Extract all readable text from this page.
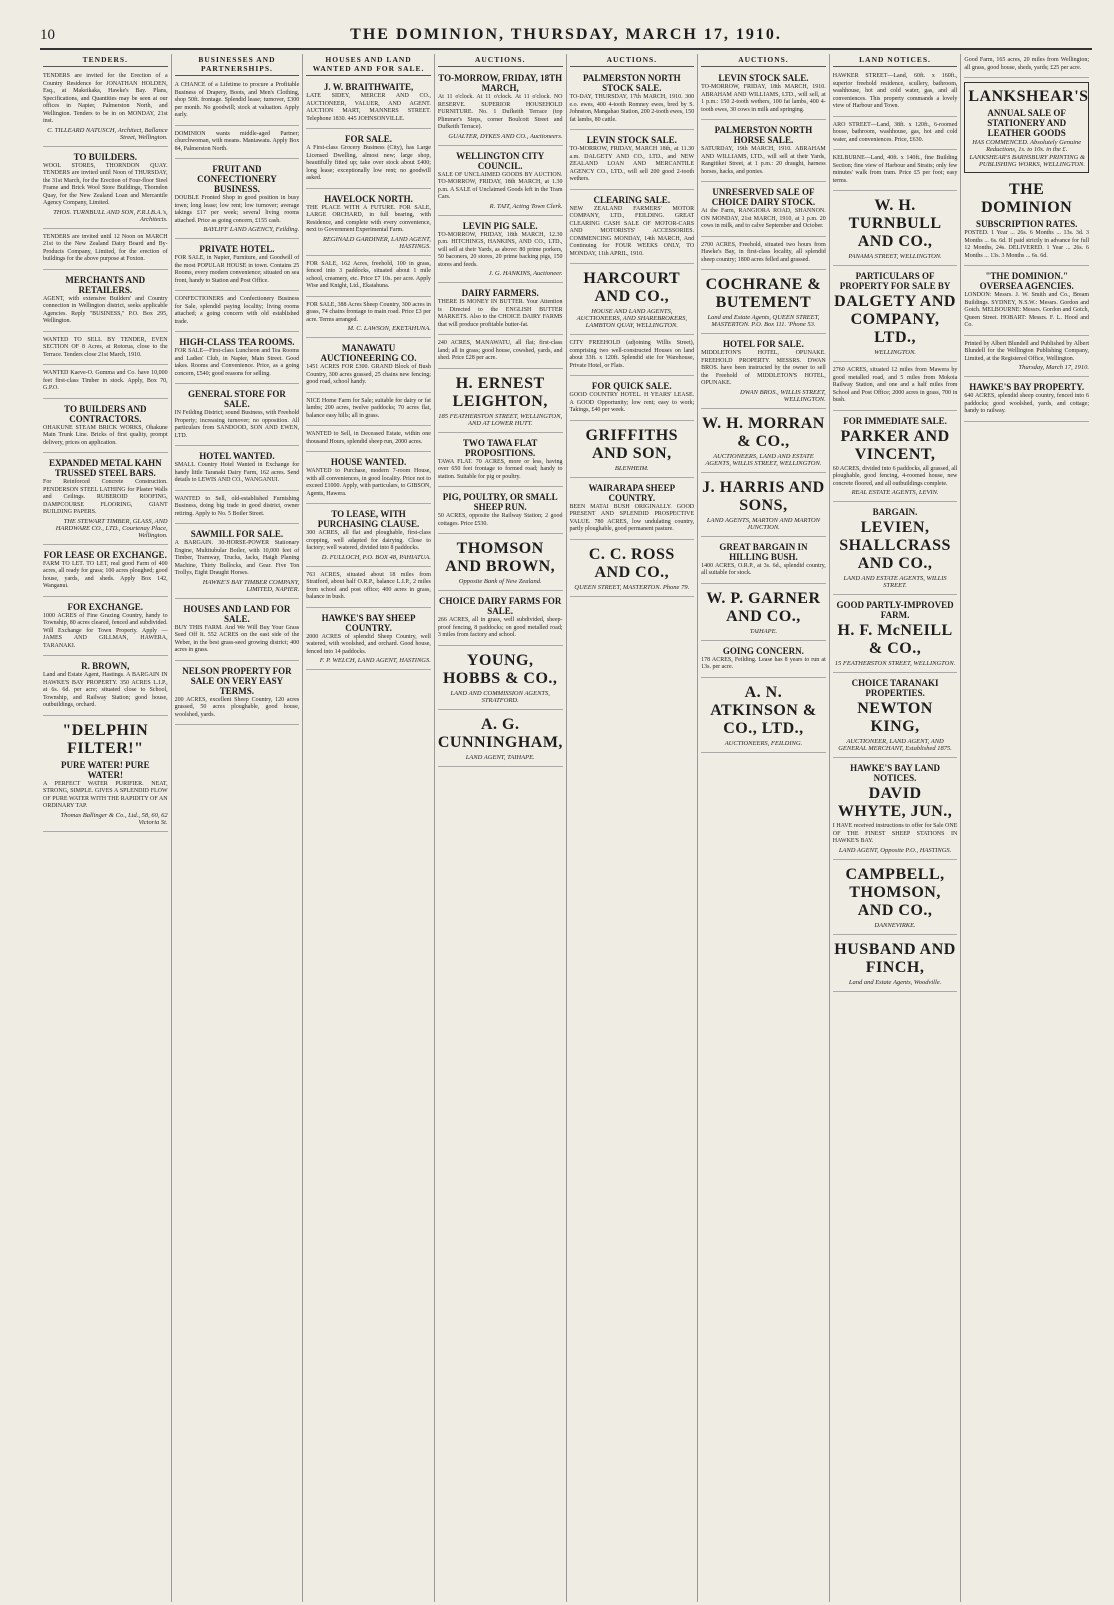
10	THE DOMINION, THURSDAY, MARCH 17, 1910.
TENDERS.
TENDERS are invited for the Erection of a Country Residence for JONATHAN HOLDEN, Esq., at Makeikaka, Hawke's Bay. Plans, Specifications, and Quantities may be seen at our offices in Napier, Palmerston North, and Wellington. Tenders to be in on MONDAY, 21st inst.
C. TILLEARD NATUSCH, Architect, Ballance Street, Wellington.
TO BUILDERS.
WOOL STORES, THORNDON QUAY. TENDERS are invited until Noon of THURSDAY, the 31st March, for the Erection of Four-floor Steel Frame and Brick Wool Store Buildings, Thorndon Quay, for the New Zealand Loan and Mercantile Agency Company, Limited.
THOS. TURNBULL AND SON, F.R.I.B.A.'s, Architects.
TENDERS are invited until 12 Noon on MARCH 21st to the New Zealand Dairy Board and By-Products Company, Limited, for the erection of buildings for the above purpose at Foxton.
MERCHANTS AND RETAILERS.
AGENT, with extensive Builders' and Country connection in Wellington district, seeks applicable Agencies. Reply "BUSINESS," P.O. Box 295, Wellington.
WANTED TO SELL BY TENDER, EVEN SECTION OF 8 Acres, at Rotorua, close to the Terrace. Tenders close 21st March, 1910.
WANTED Kaeve-O. Gumma and Co. have 10,000 feet first-class Timber in stock. Apply, Box 70, G.P.O.
TO BUILDERS AND CONTRACTORS.
OHAKUNE STEAM BRICK WORKS, Ohakune Main Trunk Line. Bricks of first quality, prompt delivery, prices on application.
EXPANDED METAL KAHN TRUSSED STEEL BARS.
For Reinforced Concrete Construction. PENDERSON STEEL LATHING for Plaster Walls and Ceilings. RUBEROID ROOFING, DAMPCOURSE FLOORING, GIANT BUILDING PAPERS.
THE STEWART TIMBER, GLASS, AND HARDWARE CO., LTD., Courtenay Place, Wellington.
FOR LEASE OR EXCHANGE.
FARM TO LET. TO LET, real good Farm of 400 acres, all ready for grass; 100 acres ploughed; good house, yards, and sheds. Apply Box 142, Wanganui.
FOR EXCHANGE.
1000 ACRES of Fine Grazing Country, handy to Township, 80 acres cleared, fenced and subdivided. Will Exchange for Town Property. Apply — JAMES AND GILLMAN, HAWERA, TARANAKI.
R. BROWN,
Land and Estate Agent, Hastings. A BARGAIN IN HAWKE'S BAY PROPERTY. 350 ACRES L.I.P., at 6s. 6d. per acre; situated close to School, Township, and Railway Station; good house, outbuildings, orchard.
"DELPHIN FILTER!"
PURE WATER! PURE WATER!
A PERFECT WATER PURIFIER. NEAT, STRONG, SIMPLE. GIVES A SPLENDID FLOW OF PURE WATER WITH THE RAPIDITY OF AN ORDINARY TAP.
Thomas Ballinger & Co., Ltd., 58, 60, 62 Victoria St.
BUSINESSES AND PARTNERSHIPS.
A CHANCE of a Lifetime to procure a Profitable Business of Drapery, Boots, and Men's Clothing, shop 50ft. frontage. Splendid lease; turnover, £300 per month. No goodwill; stock at valuation. Apply early.
DOMINION wants middle-aged Partner; churchwoman, with means. Maniawatu. Apply Box 84, Palmerston North.
FRUIT AND CONFECTIONERY BUSINESS.
DOUBLE Fronted Shop in good position in busy town; long lease; low rent; low turnover; average takings £17 per week; several living rooms attached. Price as going concern, £155 cash.
BAYLIFF LAND AGENCY, Feilding.
PRIVATE HOTEL.
FOR SALE, in Napier, Furniture, and Goodwill of the most POPULAR HOUSE in town. Contains 25 Rooms, every modern convenience; situated on sea front, handy to Station and Post Office.
CONFECTIONERS and Confectionery Business for Sale, splendid paying locality; living rooms attached; a going concern with old established trade.
HIGH-CLASS TEA ROOMS.
FOR SALE—First-class Luncheon and Tea Rooms and Ladies' Club, in Napier, Main Street. Good takes. Rooms and Convenience. Price, as a going concern, £540; good reasons for selling.
GENERAL STORE FOR SALE.
IN Feilding District; sound Business, with Freehold Property; increasing turnover; no opposition. All particulars from SANDOOD, SON AND EWEN, LTD.
HOTEL WANTED.
SMALL Country Hotel Wanted in Exchange for handy little Taranaki Dairy Farm, 162 acres. Send details to LEWIS AND CO., WANGANUI.
WANTED to Sell, old-established Furnishing Business, doing big trade in good district, owner retiring. Apply to No. 5 Boiler Street.
SAWMILL FOR SALE.
A BARGAIN. 30-HORSE-POWER Stationary Engine, Multitubular Boiler, with 10,000 feet of Timber, Tramway, Trucks, Jacks, Haigh Planing Machine, Thirty Bullocks, and Gear. Five Ton Trollys, Eight Draught Horses.
HAWKE'S BAY TIMBER COMPANY, LIMITED, NAPIER.
HOUSES AND LAND FOR SALE.
BUY THIS FARM. And We Will Buy Your Grass Seed Off It. 552 ACRES on the east side of the Weber, in the best grass-seed growing district; 400 acres in grass.
NELSON PROPERTY FOR SALE ON VERY EASY TERMS.
200 ACRES, excellent Sheep Country, 120 acres grassed, 50 acres ploughable, good house, woolshed, yards.
HOUSES AND LAND WANTED AND FOR SALE.
J. W. BRAITHWAITE,
LATE SIDEY, MERCER AND CO., AUCTIONEER, VALUER, AND AGENT. AUCTION MART, MANNERS STREET. Telephone 1830. 445 JOHNSONVILLE.
FOR SALE.
A First-class Grocery Business (City), has Large Licensed Dwelling, almost new; large shop, beautifully fitted up; take over stock about £400; long lease; exceptionally low rent; no goodwill asked.
HAVELOCK NORTH.
THE PLACE WITH A FUTURE. FOR SALE, LARGE ORCHARD, in full bearing, with Residence, and complete with every convenience, next to Government Experimental Farm.
REGINALD GARDINER, LAND AGENT, HASTINGS.
FOR SALE, 162 Acres, freehold, 100 in grass, fenced into 3 paddocks, situated about 1 mile school, creamery, etc. Price £7 10s. per acre. Apply Wise and Knight, Ltd., Ekatahuna.
FOR SALE, 388 Acres Sheep Country, 300 acres in grass, 74 chains frontage to main road. Price £3 per acre. Terms arranged.
M. C. LAWSON, EKETAHUNA.
MANAWATU AUCTIONEERING CO.
1451 ACRES FOR £300. GRAND Block of Bush Country, 300 acres grassed, 25 chains new fencing; good road, school handy.
NICE Home Farm for Sale; suitable for dairy or fat lambs; 200 acres, twelve paddocks; 70 acres flat, balance easy hills; all in grass.
WANTED to Sell, in Deceased Estate, within one thousand Hours, splendid sheep run, 2000 acres.
HOUSE WANTED.
WANTED to Purchase, modern 7-room House, with all conveniences, in good locality. Price not to exceed £1000. Apply, with particulars, to GIBSON, Agents, Hawera.
TO LEASE, WITH PURCHASING CLAUSE.
300 ACRES, all flat and ploughable, first-class cropping, well adapted for dairying. Close to factory; well watered, divided into 8 paddocks.
D. FULLOCH, P.O. BOX 48, PAHIATUA.
763 ACRES, situated about 18 miles from Stratford, about half O.R.P., balance L.I.P., 2 miles from school and post office; 400 acres in grass, balance in bush.
HAWKE'S BAY SHEEP COUNTRY.
2000 ACRES of splendid Sheep Country, well watered, with woolshed, and orchard. Good house, fenced into 14 paddocks.
F. P. WELCH, LAND AGENT, HASTINGS.
AUCTIONS.
TO-MORROW, FRIDAY, 18TH MARCH,
At 11 o'clock. At 11 o'clock. At 11 o'clock. NO RESERVE. SUPERIOR HOUSEHOLD FURNITURE. No. 1 Dufkeith Terrace (top Plimmer's Steps, corner Boulcott Street and Dufkeith Terrace).
GUALTER, DYKES AND CO., Auctioneers.
WELLINGTON CITY COUNCIL.
SALE OF UNCLAIMED GOODS BY AUCTION. TO-MORROW, FRIDAY, 18th MARCH, at 1.30 p.m. A SALE of Unclaimed Goods left in the Tram Cars.
R. TAIT, Acting Town Clerk.
LEVIN PIG SALE.
TO-MORROW, FRIDAY, 18th MARCH, 12.30 p.m. HITCHINGS, HANKINS, AND CO., LTD., will sell at their Yards, as above: 80 prime porkers, 50 baconers, 20 stores, 20 prime backing pigs, 150 stores and feeds.
J. G. HANKINS, Auctioneer.
DAIRY FARMERS.
THERE IS MONEY IN BUTTER. Your Attention is Directed to the ENGLISH BUTTER MARKETS. Also to the CHOICE DAIRY FARMS that will produce profitable butter-fat.
240 ACRES, MANAWATU, all flat; first-class land; all in grass; good house, cowshed, yards, and shed. Price £28 per acre.
H. ERNEST LEIGHTON,
185 FEATHERSTON STREET, WELLINGTON, AND AT LOWER HUTT.
TWO TAWA FLAT PROPOSITIONS.
TAWA FLAT. 70 ACRES, more or less, having over 650 feet frontage to formed road; handy to station. Suitable for pig or poultry.
PIG, POULTRY, OR SMALL SHEEP RUN.
50 ACRES, opposite the Railway Station; 2 good cottages. Price £530.
THOMSON AND BROWN,
Opposite Bank of New Zealand.
CHOICE DAIRY FARMS FOR SALE.
266 ACRES, all in grass, well subdivided, sheep-proof fencing, 8 paddocks; on good metalled road; 3 miles from factory and school.
YOUNG, HOBBS & CO.,
LAND AND COMMISSION AGENTS, STRATFORD.
A. G. CUNNINGHAM,
LAND AGENT, TAIHAPE.
AUCTIONS.
PALMERSTON NORTH STOCK SALE.
TO-DAY, THURSDAY, 17th MARCH, 1910. 300 e.o. ewes, 400 4-tooth Romney ewes, bred by S. Johnston, Mangahao Station, 200 2-tooth ewes, 150 fat lambs, 80 cattle.
LEVIN STOCK SALE.
TO-MORROW, FRIDAY, MARCH 18th, at 11.30 a.m. DALGETY AND CO., LTD., and NEW ZEALAND LOAN AND MERCANTILE AGENCY CO., LTD., will sell 200 good 2-tooth wethers.
CLEARING SALE.
NEW ZEALAND FARMERS' MOTOR COMPANY, LTD., FEILDING. GREAT CLEARING CASH SALE OF MOTOR-CARS AND MOTORISTS' ACCESSORIES. COMMENCING MONDAY, 14th MARCH, And Continuing for FOUR WEEKS ONLY, TO MONDAY, 11th APRIL, 1910.
HARCOURT AND CO.,
HOUSE AND LAND AGENTS, AUCTIONEERS, AND SHAREBROKERS, LAMBTON QUAY, WELLINGTON.
CITY FREEHOLD (adjoining Willis Street), comprising two well-constructed Houses on land about 33ft. x 120ft. Splendid site for Warehouse, Private Hotel, or Flats.
FOR QUICK SALE.
GOOD COUNTRY HOTEL. H YEARS' LEASE. A GOOD Opportunity; low rent; easy to work; Takings, £40 per week.
GRIFFITHS AND SON,
BLENHEIM.
WAIRARAPA SHEEP COUNTRY.
BEEN MATAI BUSH ORIGINALLY. GOOD PRESENT AND SPLENDID PROSPECTIVE VALUE. 780 ACRES, low undulating country, partly ploughable, good permanent pasture.
C. C. ROSS AND CO.,
QUEEN STREET, MASTERTON. Phone 79.
AUCTIONS.
LEVIN STOCK SALE.
TO-MORROW, FRIDAY, 18th MARCH, 1910. ABRAHAM AND WILLIAMS, LTD., will sell, at 1 p.m.: 150 2-tooth wethers, 100 fat lambs, 400 4-tooth ewes, 30 cows in milk and springing.
PALMERSTON NORTH HORSE SALE.
SATURDAY, 19th MARCH, 1910. ABRAHAM AND WILLIAMS, LTD., will sell at their Yards, Rangitikei Street, at 1 p.m.: 20 draught, harness horses, hacks, and ponies.
UNRESERVED SALE OF CHOICE DAIRY STOCK.
At the Farm, RANGIORA ROAD, SHANNON. ON MONDAY, 21st MARCH, 1910, at 1 p.m. 20 cows in milk, and to calve September and October.
2700 ACRES, Freehold, situated two hours from Hawke's Bay, in first-class locality, all splendid sheep country; 1800 acres felled and grassed.
COCHRANE & BUTEMENT
Land and Estate Agents, QUEEN STREET, MASTERTON. P.O. Box 111. 'Phone 53.
HOTEL FOR SALE.
MIDDLETON'S HOTEL, OPUNAKE. FREEHOLD PROPERTY. MESSRS. DWAN BROS. have been instructed by the owner to sell the Freehold of MIDDLETON'S HOTEL, OPUNAKE.
DWAN BROS., WILLIS STREET, WELLINGTON.
W. H. MORRAN & CO.,
AUCTIONEERS, LAND AND ESTATE AGENTS, WILLIS STREET, WELLINGTON.
J. HARRIS AND SONS,
LAND AGENTS, MARTON AND MARTON JUNCTION.
GREAT BARGAIN IN HILLING BUSH.
1400 ACRES, O.R.P., at 3s. 6d., splendid country, all suitable for stock.
W. P. GARNER AND CO.,
TAIHAPE.
GOING CONCERN.
178 ACRES, Feilding. Lease has 8 years to run at 13s. per acre.
A. N. ATKINSON & CO., LTD.,
AUCTIONEERS, FEILDING.
LAND NOTICES.
HAWKER STREET—Land, 60ft. x 160ft., superior freehold residence, scullery, bathroom, washhouse, hot and cold water, gas, and all conveniences. This property commands a lovely view of Harbour and Town.
ARO STREET—Land, 38ft. x 120ft., 6-roomed house, bathroom, washhouse, gas, hot and cold water, and conveniences. Price, £630.
KELBURNE—Land, 40ft. x 140ft., fine Building Section; fine view of Harbour and Straits; only few minutes' walk from tram. Price £5 per foot; easy terms.
W. H. TURNBULL AND CO.,
PANAMA STREET, WELLINGTON.
PARTICULARS OF PROPERTY FOR SALE BY
DALGETY AND COMPANY, LTD.,
WELLINGTON.
2760 ACRES, situated 12 miles from Mawera by good metalled road, and 5 miles from Mokoia Railway Station, and one and a half miles from School and Post Office; 2000 acres in grass, 700 in bush.
FOR IMMEDIATE SALE.
PARKER AND VINCENT,
60 ACRES, divided into 6 paddocks, all grassed, all ploughable, good fencing, 4-roomed house, new concrete floored, and all outbuildings complete.
REAL ESTATE AGENTS, LEVIN.
BARGAIN.
LEVIEN, SHALLCRASS AND CO.,
LAND AND ESTATE AGENTS, WILLIS STREET.
GOOD PARTLY-IMPROVED FARM.
H. F. McNEILL & CO.,
15 FEATHERSTON STREET, WELLINGTON.
CHOICE TARANAKI PROPERTIES.
NEWTON KING,
AUCTIONEER, LAND AGENT, AND GENERAL MERCHANT, Established 1875.
HAWKE'S BAY LAND NOTICES.
DAVID WHYTE, JUN.,
I HAVE received instructions to offer for Sale ONE OF THE FINEST SHEEP STATIONS IN HAWKE'S BAY.
LAND AGENT, Opposite P.O., HASTINGS.
CAMPBELL, THOMSON, AND CO.,
DANNEVIRKE.
HUSBAND AND FINCH,
Land and Estate Agents, Woodville.
Good Farm, 165 acres, 20 miles from Wellington; all grass, good house, sheds, yards; £25 per acre.
LANKSHEAR'S
ANNUAL SALE OF STATIONERY AND LEATHER GOODS
HAS COMMENCED. Absolutely Genuine Reductions, 1s. to 10s. in the £.
LANKSHEAR'S BARNSBURY PRINTING & PUBLISHING WORKS, WELLINGTON.
THE DOMINION
SUBSCRIPTION RATES.
POSTED. 1 Year ... 26s. 6 Months ... 13s. 3d. 3 Months ... 6s. 6d. If paid strictly in advance for full 12 Months, 24s. DELIVERED. 1 Year ... 26s. 6 Months ... 13s. 3 Months ... 6s. 6d.
"THE DOMINION." OVERSEA AGENCIES.
LONDON: Messrs. J. W. Smith and Co., Bream Buildings. SYDNEY, N.S.W.: Messrs. Gordon and Gotch. MELBOURNE: Messrs. Gordon and Gotch, Queen Street. HOBART: Messrs. F. L. Hood and Co.
Printed by Albert Blundell and Published by Albert Blundell for the Wellington Publishing Company, Limited, at the Registered Office, Wellington.
Thursday, March 17, 1910.
HAWKE'S BAY PROPERTY.
640 ACRES, splendid sheep country, fenced into 6 paddocks; good woolshed, yards, and cottage; handy to railway.
